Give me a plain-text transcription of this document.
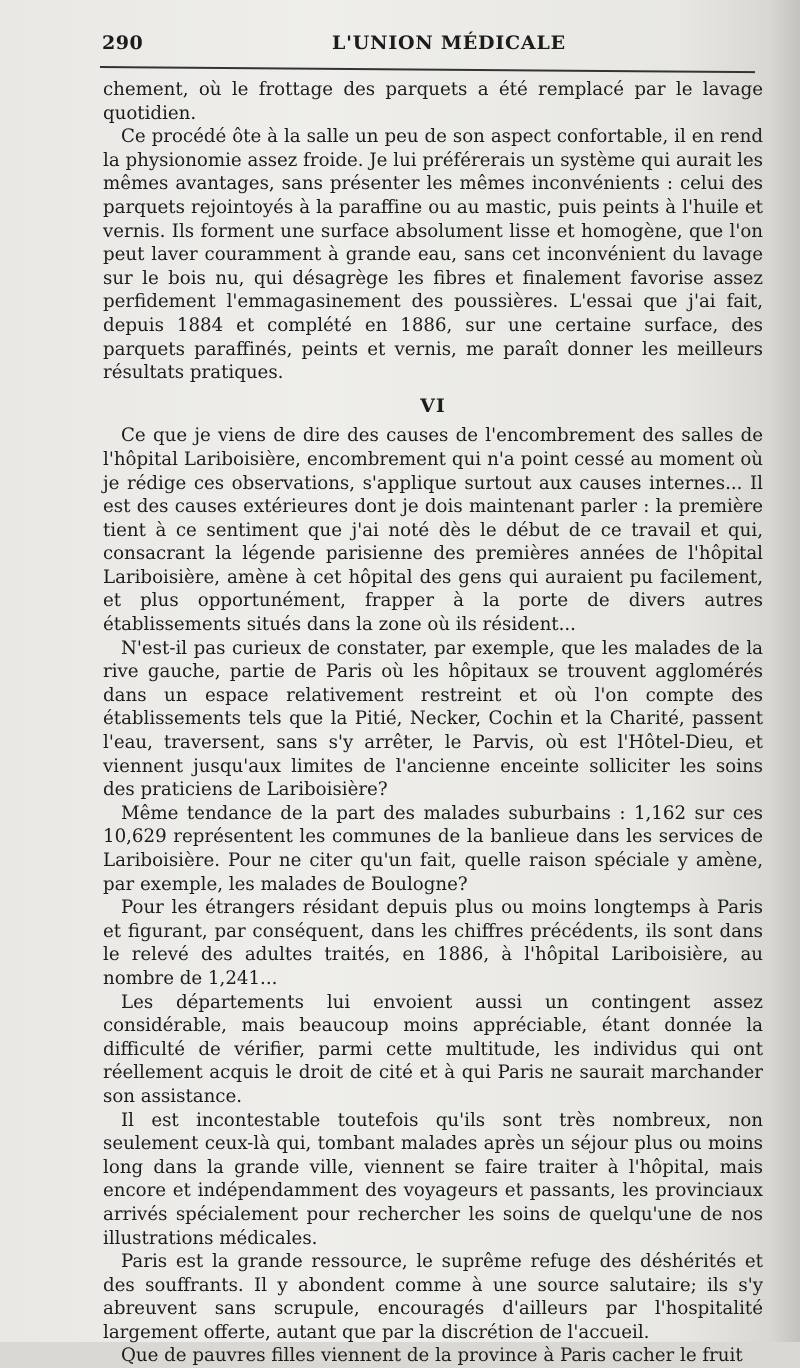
290	L'UNION MÉDICALE

chement, où le frottage des parquets a été remplacé par le lavage quotidien.

Ce procédé ôte à la salle un peu de son aspect confortable, il en rend la physionomie assez froide. Je lui préférerais un système qui aurait les mêmes avantages, sans présenter les mêmes inconvénients : celui des parquets rejointoyés à la paraffine ou au mastic, puis peints à l'huile et vernis. Ils forment une surface absolument lisse et homogène, que l'on peut laver couramment à grande eau, sans cet inconvénient du lavage sur le bois nu, qui désagrège les fibres et finalement favorise assez perfidement l'emmagasinement des poussières. L'essai que j'ai fait, depuis 1884 et complété en 1886, sur une certaine surface, des parquets paraffinés, peints et vernis, me paraît donner les meilleurs résultats pratiques.

VI

Ce que je viens de dire des causes de l'encombrement des salles de l'hôpital Lariboisière, encombrement qui n'a point cessé au moment où je rédige ces observations, s'applique surtout aux causes internes... Il est des causes extérieures dont je dois maintenant parler : la première tient à ce sentiment que j'ai noté dès le début de ce travail et qui, consacrant la légende parisienne des premières années de l'hôpital Lariboisière, amène à cet hôpital des gens qui auraient pu facilement, et plus opportunément, frapper à la porte de divers autres établissements situés dans la zone où ils résident...

N'est-il pas curieux de constater, par exemple, que les malades de la rive gauche, partie de Paris où les hôpitaux se trouvent agglomérés dans un espace relativement restreint et où l'on compte des établissements tels que la Pitié, Necker, Cochin et la Charité, passent l'eau, traversent, sans s'y arrêter, le Parvis, où est l'Hôtel-Dieu, et viennent jusqu'aux limites de l'ancienne enceinte solliciter les soins des praticiens de Lariboisière?

Même tendance de la part des malades suburbains : 1,162 sur ces 10,629 représentent les communes de la banlieue dans les services de Lariboisière. Pour ne citer qu'un fait, quelle raison spéciale y amène, par exemple, les malades de Boulogne?

Pour les étrangers résidant depuis plus ou moins longtemps à Paris et figurant, par conséquent, dans les chiffres précédents, ils sont dans le relevé des adultes traités, en 1886, à l'hôpital Lariboisière, au nombre de 1,241...

Les départements lui envoient aussi un contingent assez considérable, mais beaucoup moins appréciable, étant donnée la difficulté de vérifier, parmi cette multitude, les individus qui ont réellement acquis le droit de cité et à qui Paris ne saurait marchander son assistance.

Il est incontestable toutefois qu'ils sont très nombreux, non seulement ceux-là qui, tombant malades après un séjour plus ou moins long dans la grande ville, viennent se faire traiter à l'hôpital, mais encore et indépendamment des voyageurs et passants, les provinciaux arrivés spécialement pour rechercher les soins de quelqu'une de nos illustrations médicales.

Paris est la grande ressource, le suprême refuge des déshérités et des souffrants. Il y abondent comme à une source salutaire; ils s'y abreuvent sans scrupule, encouragés d'ailleurs par l'hospitalité largement offerte, autant que par la discrétion de l'accueil.

Que de pauvres filles viennent de la province à Paris cacher le fruit
